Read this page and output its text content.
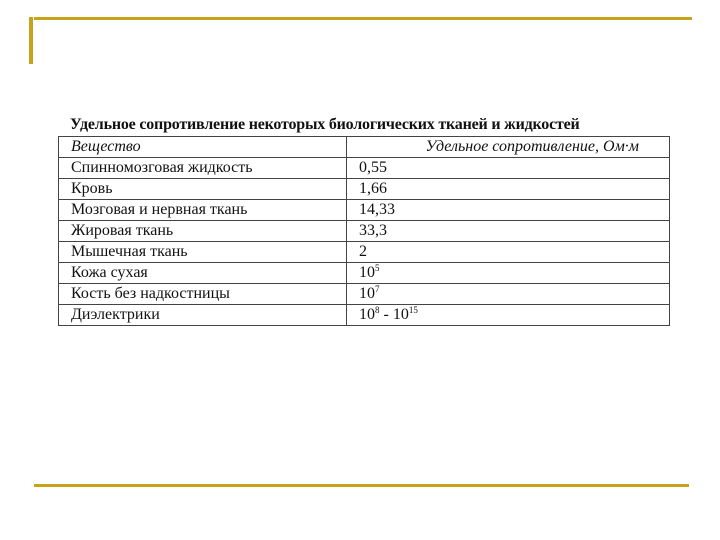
Удельное сопротивление некоторых биологических тканей и жидкостей
Вещество	Удельное сопротивление, Ом·м
Спинномозговая жидкость	0,55
Кровь	1,66
Мозговая и нервная ткань	14,33
Жировая ткань	33,3
Мышечная ткань	2
Кожа сухая	$10^5$
Кость без надкостницы	$10^7$
Диэлектрики	$10^8 - 10^{15}$
